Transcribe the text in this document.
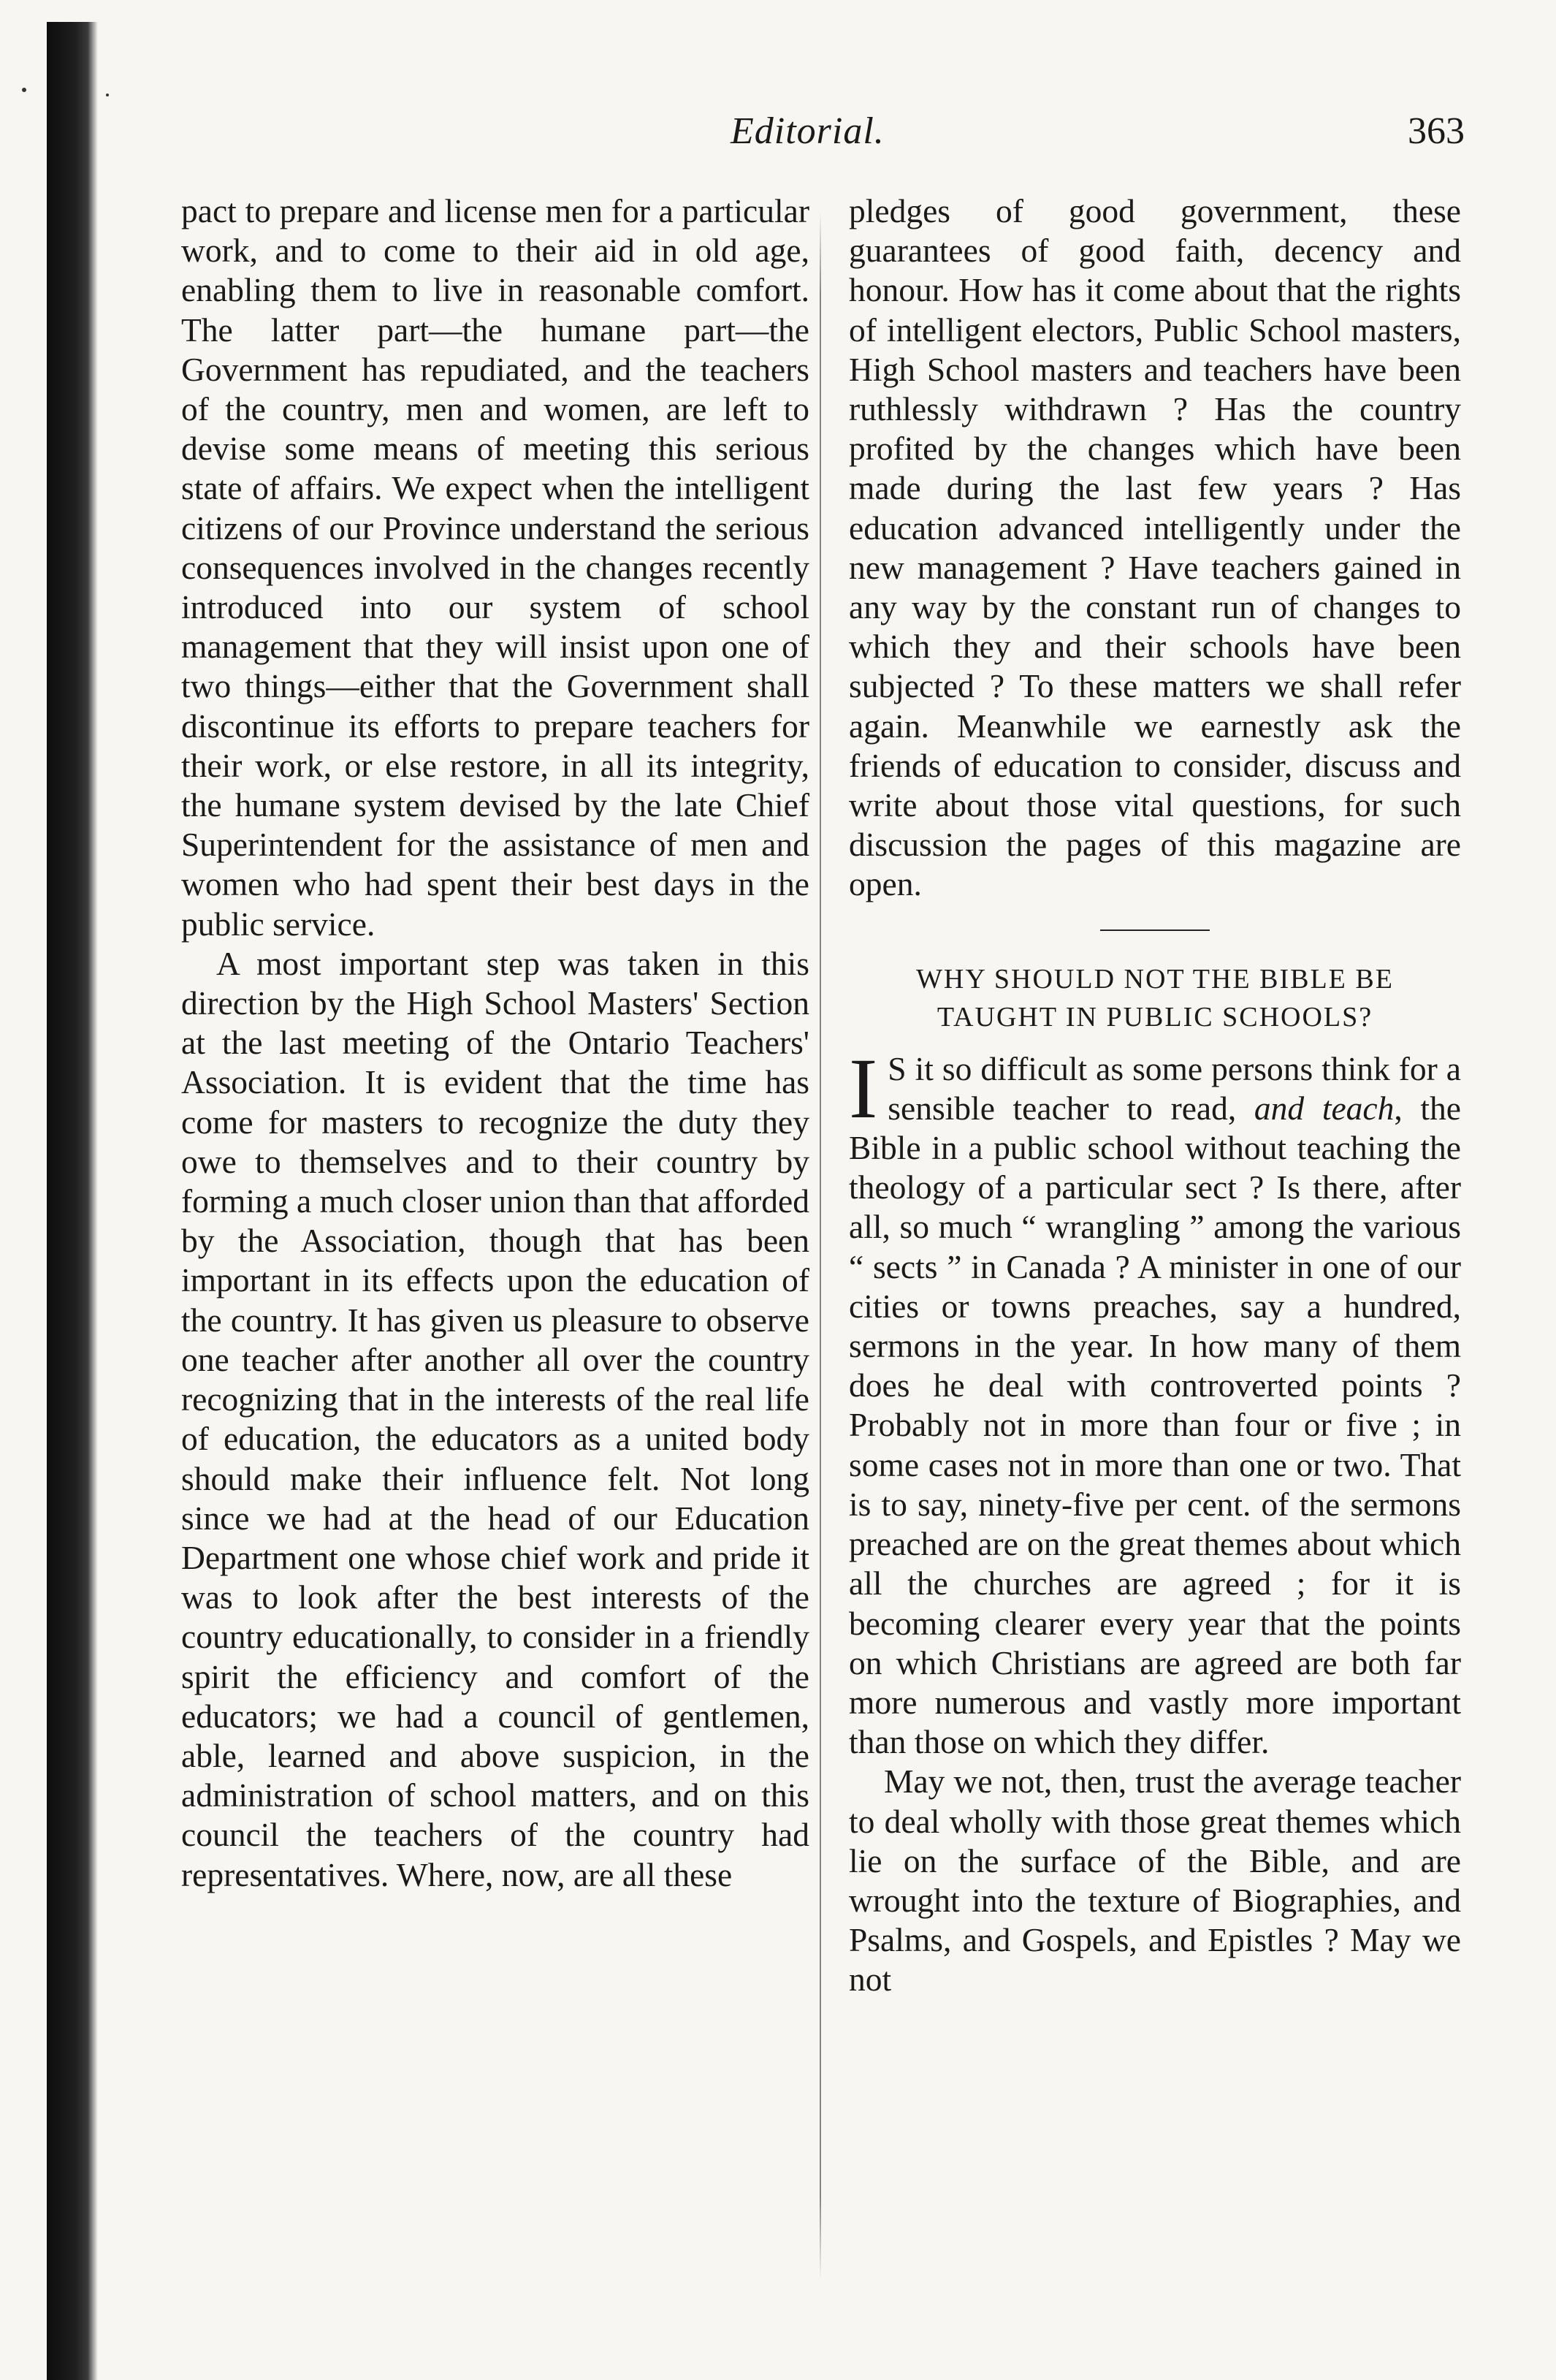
Editorial.	363

pact to prepare and license men for a particular work, and to come to their aid in old age, enabling them to live in reasonable comfort. The latter part—the humane part—the Government has repudiated, and the teachers of the country, men and women, are left to devise some means of meeting this serious state of affairs. We expect when the intelligent citizens of our Province understand the serious consequences involved in the changes recently introduced into our system of school management that they will insist upon one of two things—either that the Government shall discontinue its efforts to prepare teachers for their work, or else restore, in all its integrity, the humane system devised by the late Chief Superintendent for the assistance of men and women who had spent their best days in the public service.

A most important step was taken in this direction by the High School Masters' Section at the last meeting of the Ontario Teachers' Association. It is evident that the time has come for masters to recognize the duty they owe to themselves and to their country by forming a much closer union than that afforded by the Association, though that has been important in its effects upon the education of the country. It has given us pleasure to observe one teacher after another all over the country recognizing that in the interests of the real life of education, the educators as a united body should make their influence felt. Not long since we had at the head of our Education Department one whose chief work and pride it was to look after the best interests of the country educationally, to consider in a friendly spirit the efficiency and comfort of the educators; we had a council of gentlemen, able, learned and above suspicion, in the administration of school matters, and on this council the teachers of the country had representatives. Where, now, are all these

pledges of good government, these guarantees of good faith, decency and honour. How has it come about that the rights of intelligent electors, Public School masters, High School masters and teachers have been ruthlessly withdrawn ? Has the country profited by the changes which have been made during the last few years ? Has education advanced intelligently under the new management ? Have teachers gained in any way by the constant run of changes to which they and their schools have been subjected ? To these matters we shall refer again. Meanwhile we earnestly ask the friends of education to consider, discuss and write about those vital questions, for such discussion the pages of this magazine are open.

WHY SHOULD NOT THE BIBLE BE
TAUGHT IN PUBLIC SCHOOLS?

I S it so difficult as some persons think for a sensible teacher to read, and teach, the Bible in a public school without teaching the theology of a particular sect ? Is there, after all, so much “ wrangling ” among the various “ sects ” in Canada ? A minister in one of our cities or towns preaches, say a hundred, sermons in the year. In how many of them does he deal with controverted points ? Probably not in more than four or five ; in some cases not in more than one or two. That is to say, ninety-five per cent. of the sermons preached are on the great themes about which all the churches are agreed ; for it is becoming clearer every year that the points on which Christians are agreed are both far more numerous and vastly more important than those on which they differ.

May we not, then, trust the average teacher to deal wholly with those great themes which lie on the surface of the Bible, and are wrought into the texture of Biographies, and Psalms, and Gospels, and Epistles ? May we not
